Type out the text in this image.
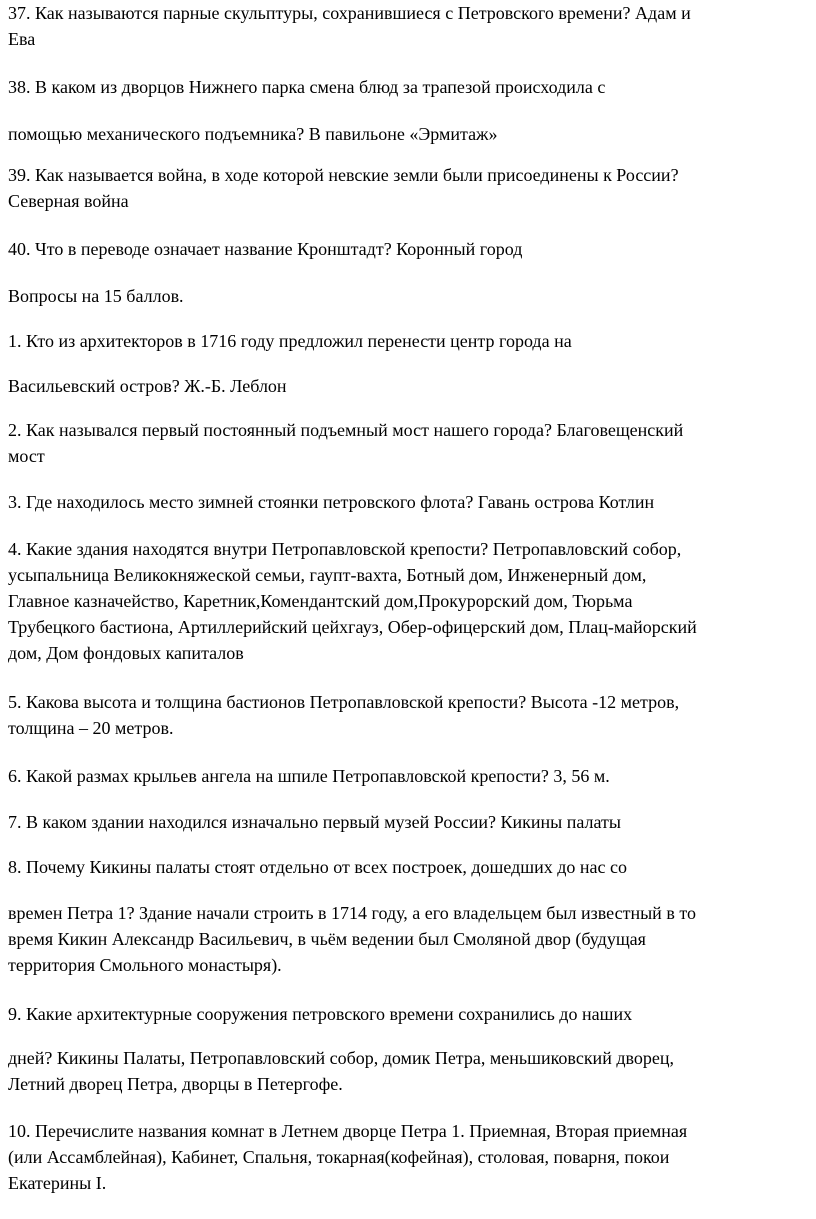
37. Как называются парные скульптуры, сохранившиеся с Петровского времени? Адам и
Ева

38. В каком из дворцов Нижнего парка смена блюд за трапезой происходила с

помощью механического подъемника? В павильоне «Эрмитаж»

39. Как называется война, в ходе которой невские земли были присоединены к России?
Северная война

40. Что в переводе означает название Кронштадт? Коронный город

Вопросы на 15 баллов.

1. Кто из архитекторов в 1716 году предложил перенести центр города на

Васильевский остров? Ж.-Б. Леблон

2. Как назывался первый постоянный подъемный мост нашего города? Благовещенский
мост

3. Где находилось место зимней стоянки петровского флота? Гавань острова Котлин

4. Какие здания находятся внутри Петропавловской крепости? Петропавловский собор,
усыпальница Великокняжеской семьи, гаупт-вахта, Ботный дом, Инженерный дом,
Главное казначейство, Каретник,Комендантский дом,Прокурорский дом, Тюрьма
Трубецкого бастиона, Артиллерийский цейхгауз, Обер-офицерский дом, Плац-майорский
дом, Дом фондовых капиталов

5. Какова высота и толщина бастионов Петропавловской крепости? Высота -12 метров,
толщина – 20 метров.

6. Какой размах крыльев ангела на шпиле Петропавловской крепости? 3, 56 м.

7. В каком здании находился изначально первый музей России? Кикины палаты

8. Почему Кикины палаты стоят отдельно от всех построек, дошедших до нас со

времен Петра 1? Здание начали строить в 1714 году, а его владельцем был известный в то
время Кикин Александр Васильевич, в чьём ведении был Смоляной двор (будущая
территория Смольного монастыря).

9. Какие архитектурные сооружения петровского времени сохранились до наших

дней? Кикины Палаты, Петропавловский собор, домик Петра, меньшиковский дворец,
Летний дворец Петра, дворцы в Петергофе.

10. Перечислите названия комнат в Летнем дворце Петра 1. Приемная, Вторая приемная
(или Ассамблейная), Кабинет, Спальня, токарная(кофейная), столовая, поварня, покои
Екатерины I.
